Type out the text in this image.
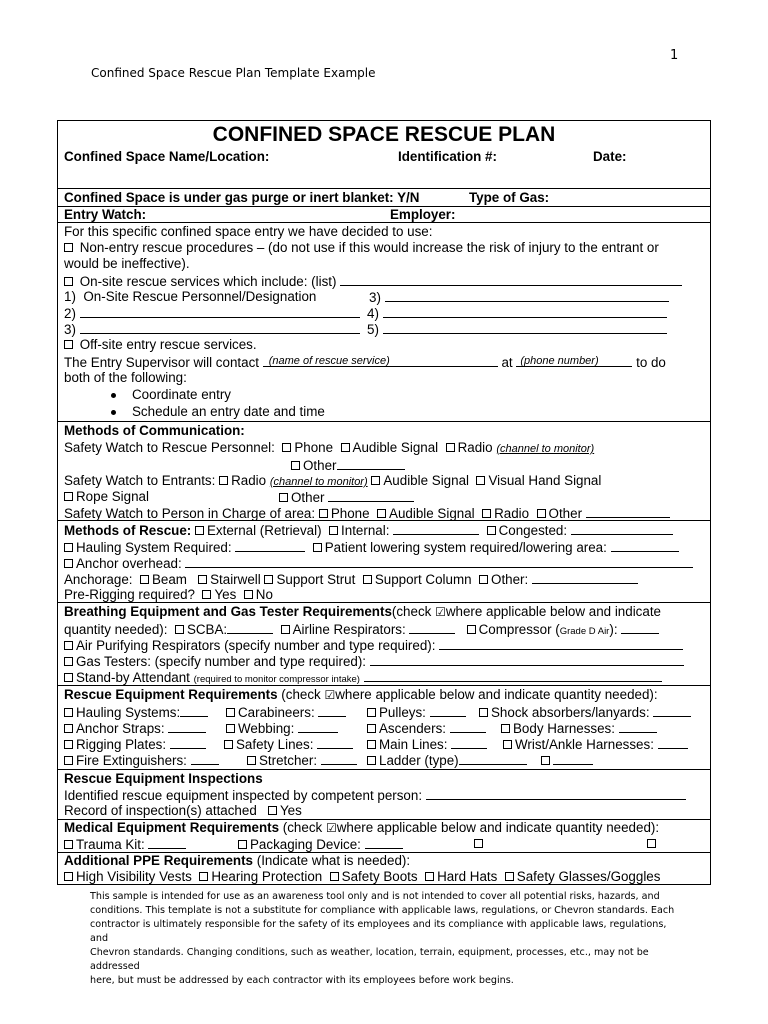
1
Confined Space Rescue Plan Template Example
CONFINED SPACE RESCUE PLAN
Confined Space Name/Location:	Identification #:	Date:
Confined Space is under gas purge or inert blanket: Y/N	Type of Gas:
Entry Watch:	Employer:
For this specific confined space entry we have decided to use:
Non-entry rescue procedures – (do not use if this would increase the risk of injury to the entrant or
would be ineffective).
On-site rescue services which include: (list)
1) On-Site Rescue Personnel/Designation	3)
2)	4)
3)	5)
Off-site entry rescue services.
The Entry Supervisor will contact (name of rescue service)	at (phone number)	to do
both of the following:
Coordinate entry
Schedule an entry date and time
Methods of Communication:
Safety Watch to Rescue Personnel: Phone Audible Signal Radio (channel to monitor)
Other
Safety Watch to Entrants: Radio (channel to monitor) Audible Signal Visual Hand Signal
Rope Signal	Other
Safety Watch to Person in Charge of area: Phone Audible Signal Radio Other
Methods of Rescue: External (Retrieval) Internal:	Congested:
Hauling System Required:	Patient lowering system required/lowering area:
Anchor overhead:
Anchorage: Beam Stairwell Support Strut Support Column Other:
Pre-Rigging required? Yes No
Breathing Equipment and Gas Tester Requirements(check ☑where applicable below and indicate
quantity needed): SCBA:	Airline Respirators:	Compressor (Grade D Air):
Air Purifying Respirators (specify number and type required):
Gas Testers: (specify number and type required):
Stand-by Attendant (required to monitor compressor intake)
Rescue Equipment Requirements (check ☑where applicable below and indicate quantity needed):
Hauling Systems:	Carabineers:	Pulleys:	Shock absorbers/lanyards:
Anchor Straps:	Webbing:	Ascenders:	Body Harnesses:
Rigging Plates:	Safety Lines:	Main Lines:	Wrist/Ankle Harnesses:
Fire Extinguishers:	Stretcher:	Ladder (type)
Rescue Equipment Inspections
Identified rescue equipment inspected by competent person:
Record of inspection(s) attached Yes
Medical Equipment Requirements (check ☑where applicable below and indicate quantity needed):
Trauma Kit:	Packaging Device:
Additional PPE Requirements (Indicate what is needed):
High Visibility Vests Hearing Protection Safety Boots Hard Hats Safety Glasses/Goggles
This sample is intended for use as an awareness tool only and is not intended to cover all potential risks, hazards, and
conditions. This template is not a substitute for compliance with applicable laws, regulations, or Chevron standards. Each
contractor is ultimately responsible for the safety of its employees and its compliance with applicable laws, regulations, and
Chevron standards. Changing conditions, such as weather, location, terrain, equipment, processes, etc., may not be addressed
here, but must be addressed by each contractor with its employees before work begins.
